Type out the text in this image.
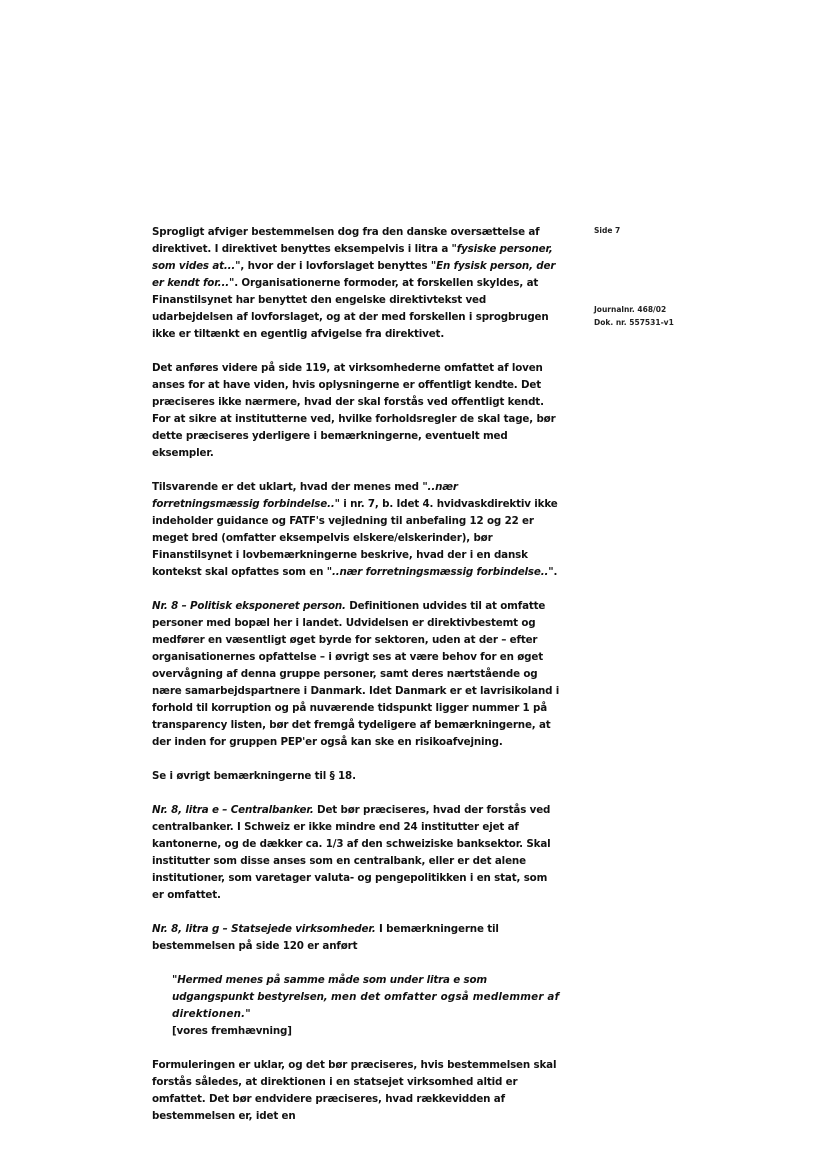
Side 7
Journalnr. 468/02
Dok. nr. 557531-v1

Sprogligt afviger bestemmelsen dog fra den danske oversættelse af direktivet. I direktivet benyttes eksempelvis i litra a "fysiske personer, som vides at...", hvor der i lovforslaget benyttes "En fysisk person, der er kendt for...". Organisationerne formoder, at forskellen skyldes, at Finanstilsynet har benyttet den engelske direktivtekst ved udarbejdelsen af lovforslaget, og at der med forskellen i sprogbrugen ikke er tiltænkt en egentlig afvigelse fra direktivet.

Det anføres videre på side 119, at virksomhederne omfattet af loven anses for at have viden, hvis oplysningerne er offentligt kendte. Det præciseres ikke nærmere, hvad der skal forstås ved offentligt kendt. For at sikre at institutterne ved, hvilke forholdsregler de skal tage, bør dette præciseres yderligere i bemærkningerne, eventuelt med eksempler.

Tilsvarende er det uklart, hvad der menes med "..nær forretningsmæssig forbindelse.." i nr. 7, b. Idet 4. hvidvaskdirektiv ikke indeholder guidance og FATF's vejledning til anbefaling 12 og 22 er meget bred (omfatter eksempelvis elskere/elskerinder), bør Finanstilsynet i lovbemærkningerne beskrive, hvad der i en dansk kontekst skal opfattes som en "..nær forretningsmæssig forbindelse..".

Nr. 8 – Politisk eksponeret person. Definitionen udvides til at omfatte personer med bopæl her i landet. Udvidelsen er direktivbestemt og medfører en væsentligt øget byrde for sektoren, uden at der – efter organisationernes opfattelse – i øvrigt ses at være behov for en øget overvågning af denna gruppe personer, samt deres nærtstående og nære samarbejdspartnere i Danmark. Idet Danmark er et lavrisikoland i forhold til korruption og på nuværende tidspunkt ligger nummer 1 på transparency listen, bør det fremgå tydeligere af bemærkningerne, at der inden for gruppen PEP'er også kan ske en risikoafvejning.

Se i øvrigt bemærkningerne til § 18.

Nr. 8, litra e – Centralbanker. Det bør præciseres, hvad der forstås ved centralbanker. I Schweiz er ikke mindre end 24 institutter ejet af kantonerne, og de dækker ca. 1/3 af den schweiziske banksektor. Skal institutter som disse anses som en centralbank, eller er det alene institutioner, som varetager valuta- og pengepolitikken i en stat, som er omfattet.

Nr. 8, litra g – Statsejede virksomheder. I bemærkningerne til bestemmelsen på side 120 er anført

"Hermed menes på samme måde som under litra e som udgangspunkt bestyrelsen, men det omfatter også medlemmer af direktionen."
[vores fremhævning]

Formuleringen er uklar, og det bør præciseres, hvis bestemmelsen skal forstås således, at direktionen i en statsejet virksomhed altid er omfattet. Det bør endvidere præciseres, hvad rækkevidden af bestemmelsen er, idet en
